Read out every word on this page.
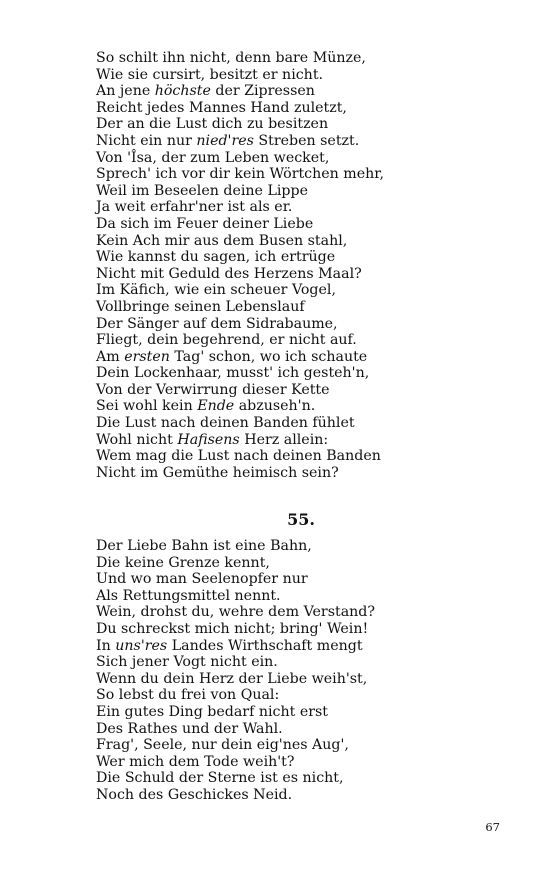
So schilt ihn nicht, denn bare Münze,
Wie sie cursirt, besitzt er nicht.
An jene höchste der Zipressen
Reicht jedes Mannes Hand zuletzt,
Der an die Lust dich zu besitzen
Nicht ein nur nied'res Streben setzt.
Von 'Îsa, der zum Leben wecket,
Sprech' ich vor dir kein Wörtchen mehr,
Weil im Beseelen deine Lippe
Ja weit erfahr'ner ist als er.
Da sich im Feuer deiner Liebe
Kein Ach mir aus dem Busen stahl,
Wie kannst du sagen, ich ertrüge
Nicht mit Geduld des Herzens Maal?
Im Käfich, wie ein scheuer Vogel,
Vollbringe seinen Lebenslauf
Der Sänger auf dem Sidrabaume,
Fliegt, dein begehrend, er nicht auf.
Am ersten Tag' schon, wo ich schaute
Dein Lockenhaar, musst' ich gesteh'n,
Von der Verwirrung dieser Kette
Sei wohl kein Ende abzuseh'n.
Die Lust nach deinen Banden fühlet
Wohl nicht Hafisens Herz allein:
Wem mag die Lust nach deinen Banden
Nicht im Gemüthe heimisch sein?
55.
Der Liebe Bahn ist eine Bahn,
Die keine Grenze kennt,
Und wo man Seelenopfer nur
Als Rettungsmittel nennt.
Wein, drohst du, wehre dem Verstand?
Du schreckst mich nicht; bring' Wein!
In uns'res Landes Wirthschaft mengt
Sich jener Vogt nicht ein.
Wenn du dein Herz der Liebe weih'st,
So lebst du frei von Qual:
Ein gutes Ding bedarf nicht erst
Des Rathes und der Wahl.
Frag', Seele, nur dein eig'nes Aug',
Wer mich dem Tode weih't?
Die Schuld der Sterne ist es nicht,
Noch des Geschickes Neid.
67
